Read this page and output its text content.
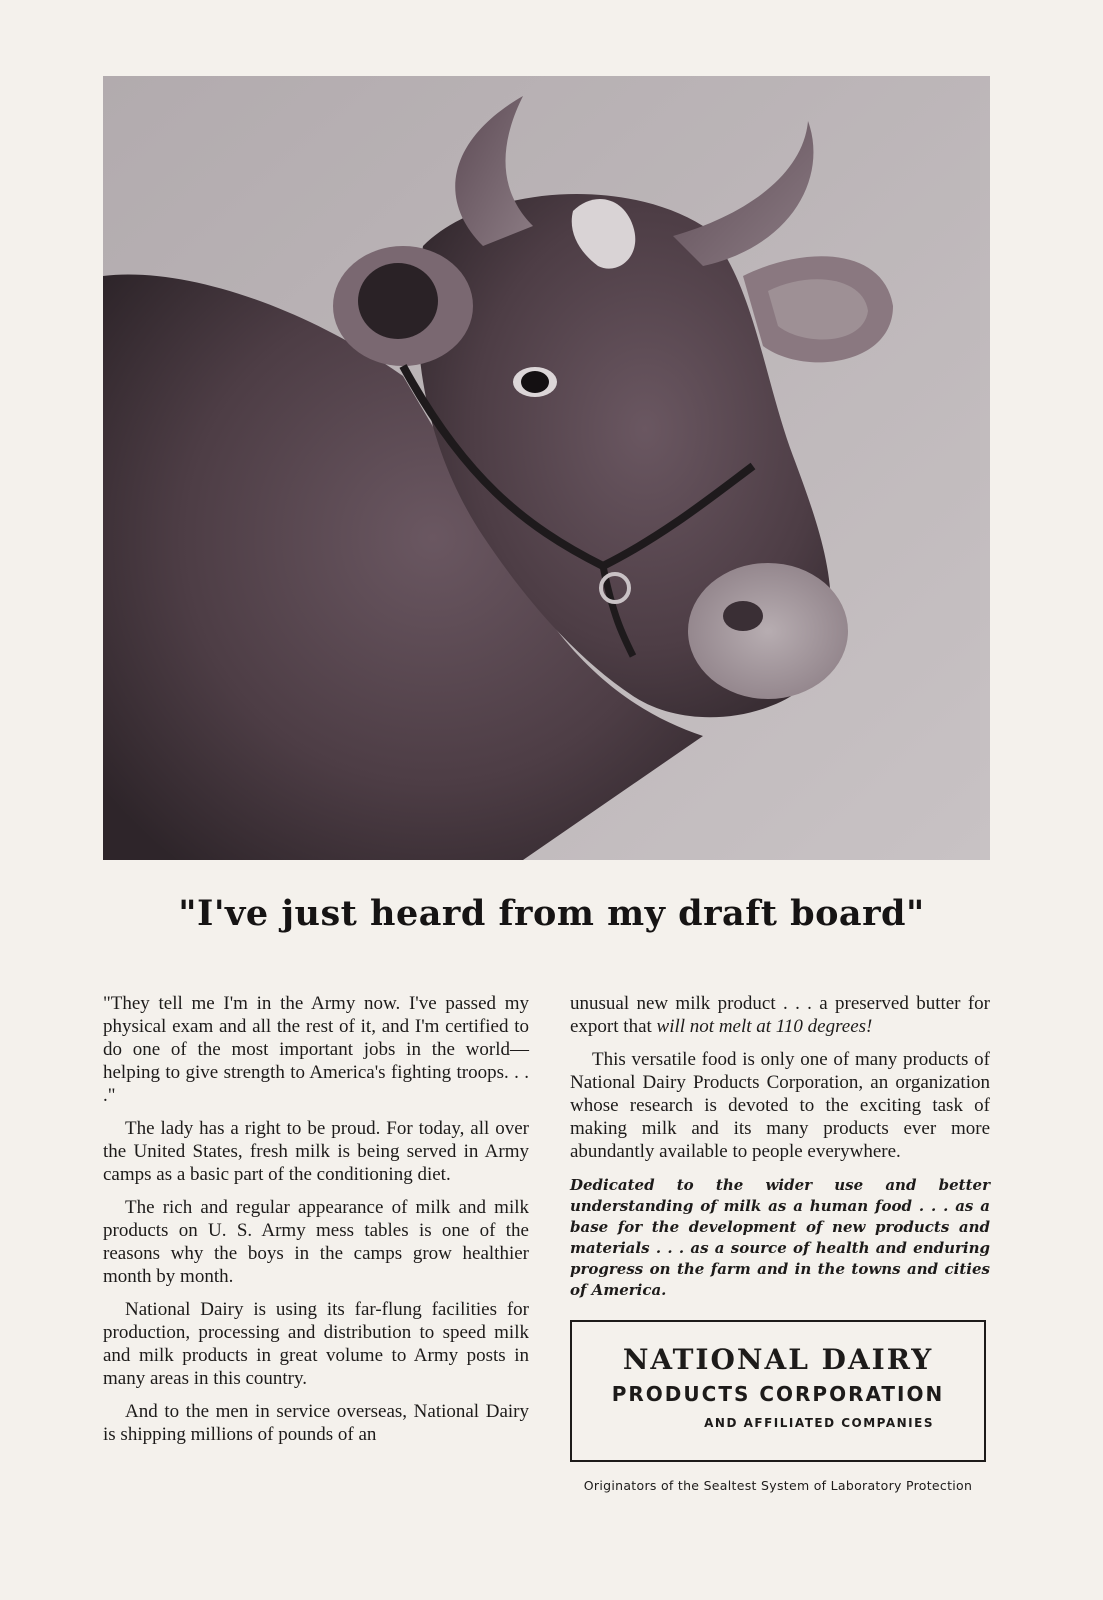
"I've just heard from my draft board"

"They tell me I'm in the Army now. I've passed my physical exam and all the rest of it, and I'm certified to do one of the most important jobs in the world—helping to give strength to America's fighting troops. . . ."

The lady has a right to be proud. For today, all over the United States, fresh milk is being served in Army camps as a basic part of the conditioning diet.

The rich and regular appearance of milk and milk products on U. S. Army mess tables is one of the reasons why the boys in the camps grow healthier month by month.

National Dairy is using its far-flung facilities for production, processing and distribution to speed milk and milk products in great volume to Army posts in many areas in this country.

And to the men in service overseas, National Dairy is shipping millions of pounds of an

unusual new milk product . . . a preserved butter for export that will not melt at 110 degrees!

This versatile food is only one of many products of National Dairy Products Corporation, an organization whose research is devoted to the exciting task of making milk and its many products ever more abundantly available to people everywhere.

Dedicated to the wider use and better understanding of milk as a human food . . . as a base for the development of new products and materials . . . as a source of health and enduring progress on the farm and in the towns and cities of America.
NATIONAL DAIRY
PRODUCTS CORPORATION
AND AFFILIATED COMPANIES
Originators of the Sealtest System of Laboratory Protection
